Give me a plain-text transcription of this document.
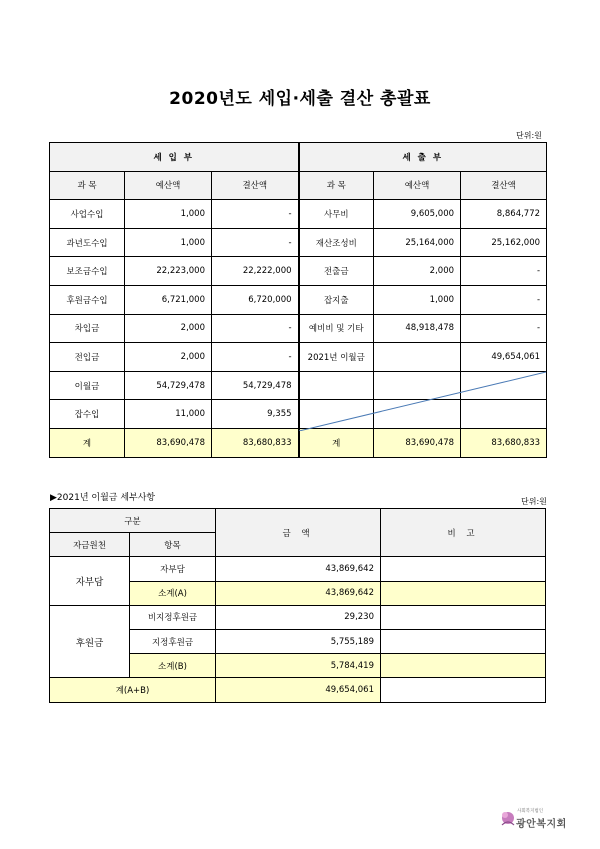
2020년도 세입·세출 결산 총괄표
단위:원
세 입 부			세 출 부		
과 목	예산액	결산액	과 목	예산액	결산액
사업수입	1,000	-	사무비	9,605,000	8,864,772
과년도수입	1,000	-	재산조성비	25,164,000	25,162,000
보조금수입	22,223,000	22,222,000	전출금	2,000	-
후원금수입	6,721,000	6,720,000	잡지출	1,000	-
차입금	2,000	-	예비비 및 기타	48,918,478	-
전입금	2,000	-	2021년 이월금		49,654,061
이월금	54,729,478	54,729,478			
잡수입	11,000	9,355			
계	83,690,478	83,680,833	계	83,690,478	83,680,833
▶2021년 이월금 세부사항	단위:원
구분		금 액	비 고
자금원천	항목		
자부담	자부담	43,869,642	
	소계(A)	43,869,642	
후원금	비지정후원금	29,230	
	지정후원금	5,755,189	
	소계(B)	5,784,419	
계(A+B)		49,654,061	
사회복지법인
광안복지회
